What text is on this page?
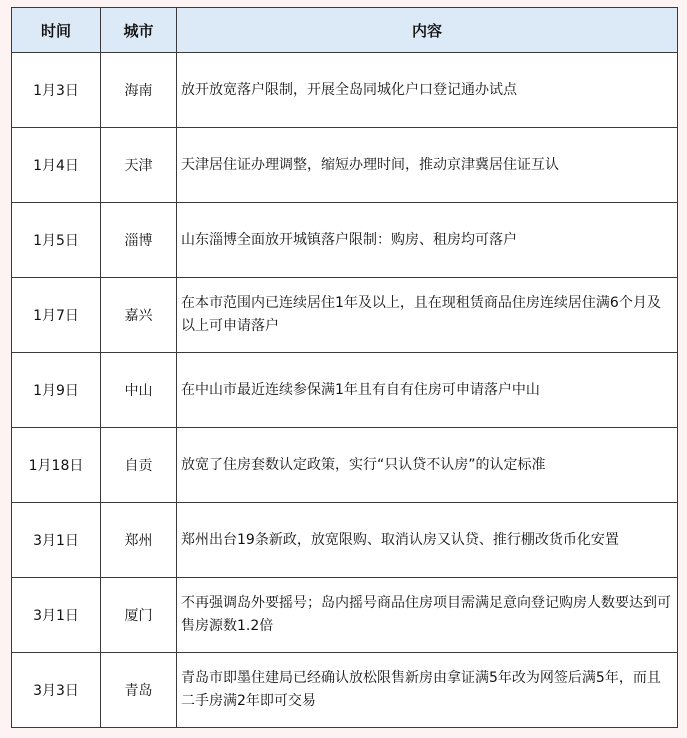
时间	城市	内容
1月3日	海南	放开放宽落户限制，开展全岛同城化户口登记通办试点
1月4日	天津	天津居住证办理调整，缩短办理时间，推动京津冀居住证互认
1月5日	淄博	山东淄博全面放开城镇落户限制：购房、租房均可落户
1月7日	嘉兴	在本市范围内已连续居住1年及以上，且在现租赁商品住房连续居住满6个月及以上可申请落户
1月9日	中山	在中山市最近连续参保满1年且有自有住房可申请落户中山
1月18日	自贡	放宽了住房套数认定政策，实行“只认贷不认房”的认定标准
3月1日	郑州	郑州出台19条新政，放宽限购、取消认房又认贷、推行棚改货币化安置
3月1日	厦门	不再强调岛外要摇号；岛内摇号商品住房项目需满足意向登记购房人数要达到可售房源数1.2倍
3月3日	青岛	青岛市即墨住建局已经确认放松限售新房由拿证满5年改为网签后满5年，而且二手房满2年即可交易
